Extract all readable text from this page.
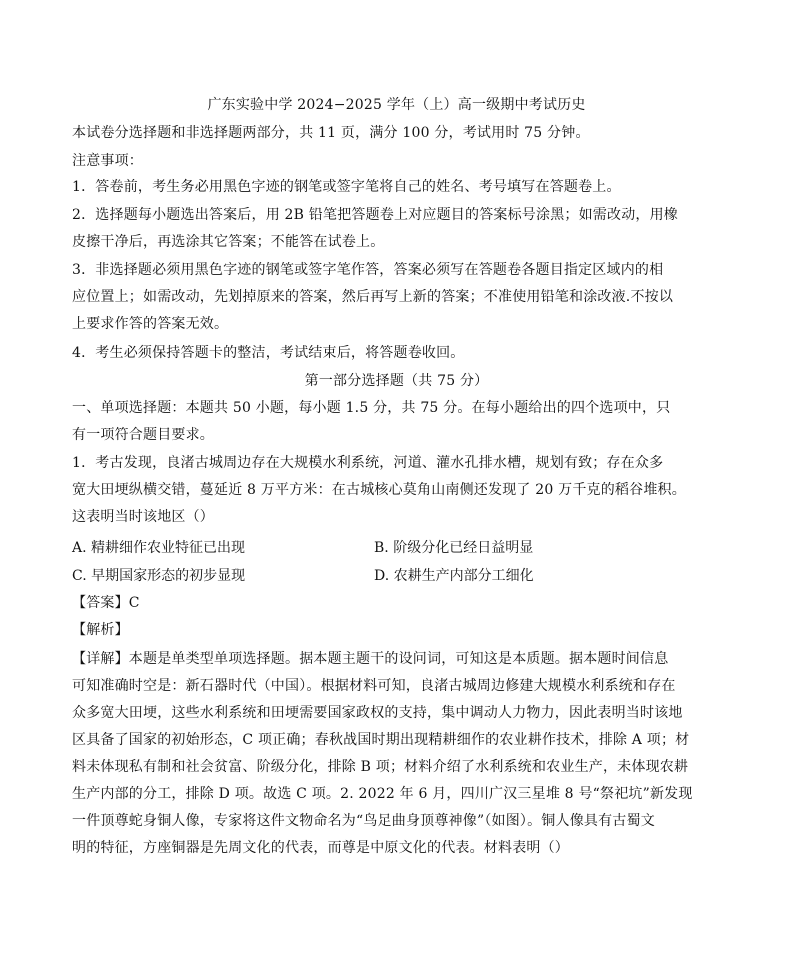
广东实验中学 2024−2025 学年（上）高一级期中考试历史
本试卷分选择题和非选择题两部分，共 11 页，满分 100 分，考试用时 75 分钟。
注意事项：
1．答卷前，考生务必用黑色字迹的钢笔或签字笔将自己的姓名、考号填写在答题卷上。
2．选择题每小题选出答案后，用 2B 铅笔把答题卷上对应题目的答案标号涂黑；如需改动，用橡
皮擦干净后，再选涂其它答案；不能答在试卷上。
3．非选择题必须用黑色字迹的钢笔或签字笔作答，答案必须写在答题卷各题目指定区域内的相
应位置上；如需改动，先划掉原来的答案，然后再写上新的答案；不准使用铅笔和涂改液.不按以
上要求作答的答案无效。
4．考生必须保持答题卡的整洁，考试结束后，将答题卷收回。
第一部分选择题（共 75 分）
一、单项选择题：本题共 50 小题，每小题 1.5 分，共 75 分。在每小题给出的四个选项中，只
有一项符合题目要求。
1．考古发现，良渚古城周边存在大规模水利系统，河道、灌水孔排水槽，规划有致；存在众多
宽大田埂纵横交错，蔓延近 8 万平方米：在古城核心莫角山南侧还发现了 20 万千克的稻谷堆积。
这表明当时该地区（）
A. 精耕细作农业特征已出现	B. 阶级分化已经日益明显
C. 早期国家形态的初步显现	D. 农耕生产内部分工细化
【答案】C
【解析】
【详解】本题是单类型单项选择题。据本题主题干的设问词，可知这是本质题。据本题时间信息
可知准确时空是：新石器时代（中国）。根据材料可知，良渚古城周边修建大规模水利系统和存在
众多宽大田埂，这些水利系统和田埂需要国家政权的支持，集中调动人力物力，因此表明当时该地
区具备了国家的初始形态，C 项正确；春秋战国时期出现精耕细作的农业耕作技术，排除 A 项；材
料未体现私有制和社会贫富、阶级分化，排除 B 项；材料介绍了水利系统和农业生产，未体现农耕
生产内部的分工，排除 D 项。故选 C 项。2. 2022 年 6 月，四川广汉三星堆 8 号“祭祀坑”新发现
一件顶尊蛇身铜人像，专家将这件文物命名为“鸟足曲身顶尊神像”（如图）。铜人像具有古蜀文
明的特征，方座铜器是先周文化的代表，而尊是中原文化的代表。材料表明（）
